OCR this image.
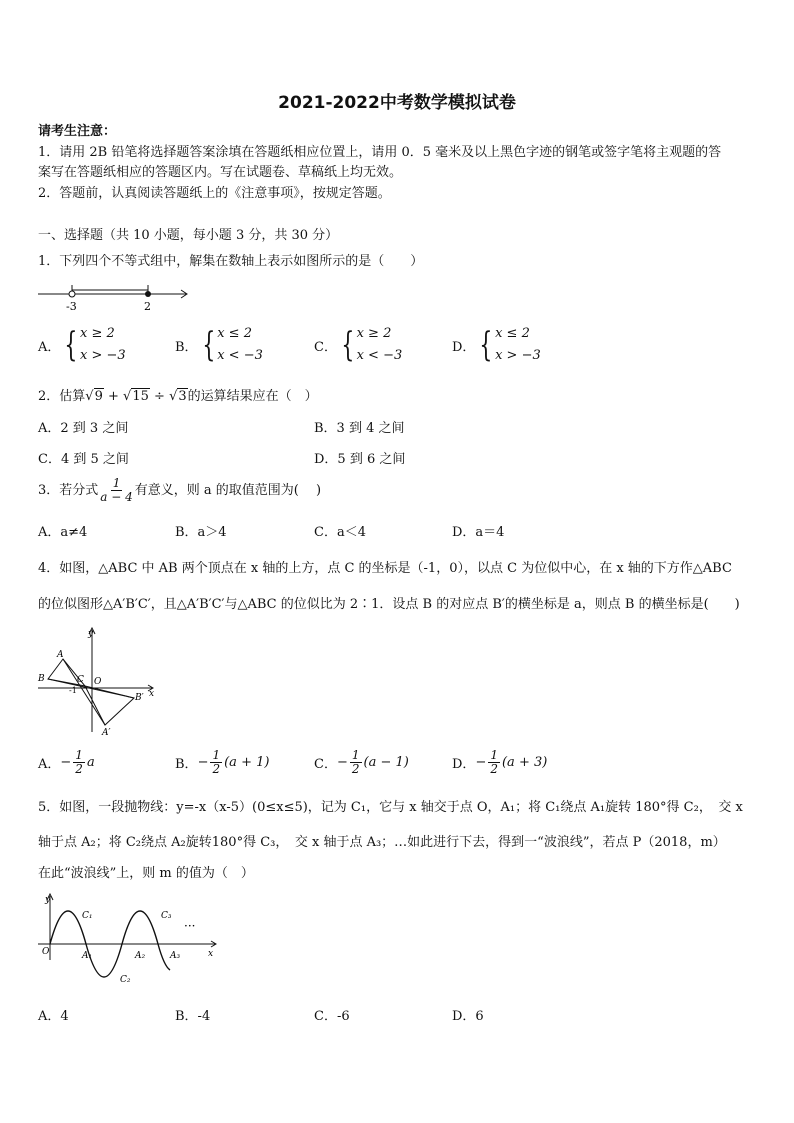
2021-2022中考数学模拟试卷
请考生注意：
1．请用 2B 铅笔将选择题答案涂填在答题纸相应位置上，请用 0．5 毫米及以上黑色字迹的钢笔或签字笔将主观题的答
案写在答题纸相应的答题区内。写在试题卷、草稿纸上均无效。
2．答题前，认真阅读答题纸上的《注意事项》，按规定答题。
一、选择题（共 10 小题，每小题 3 分，共 30 分）
1．下列四个不等式组中，解集在数轴上表示如图所示的是（　　）
-3	2
A． { x ≥ 2
x > −3
B． { x ≤ 2
x < −3
C． { x ≥ 2
x < −3
D． { x ≤ 2
x > −3
2．估算√9 + √15 ÷ √3的运算结果应在（　）
A．2 到 3 之间	B．3 到 4 之间
C．4 到 5 之间	D．5 到 6 之间
3．若分式 $\frac{1}{a - 4}$ 有意义，则 a 的取值范围为(　 )
A．a≠4	B．a＞4	C．a＜4	D．a＝4
4．如图，△ABC 中 AB 两个顶点在 x 轴的上方，点 C 的坐标是（-1，0），以点 C 为位似中心，在 x 轴的下方作△ABC
的位似图形△A′B′C′，且△A′B′C′与△ABC 的位似比为 2∶1．设点 B 的对应点 B′的横坐标是 a，则点 B 的横坐标是(　　)
y
x
A
B	C O
-1
B′
A′
A． − $\frac{1}{2}$ a	B． − $\frac{1}{2} (a + 1)$	C． − $\frac{1}{2} (a - 1)$	D． − $\frac{1}{2} (a + 3)$
5．如图，一段抛物线：y=-x（x-5）(0≤x≤5)，记为 C₁，它与 x 轴交于点 O，A₁；将 C₁绕点 A₁旋转 180°得 C₂，　交 x
轴于点 A₂；将 C₂绕点 A₂旋转180°得 C₃，　交 x 轴于点 A₃；…如此进行下去，得到一“波浪线”，若点 P（2018，m）
在此“波浪线”上，则 m 的值为（　）
y
x
O	A₁	A₂	A₃
C₁
C₂
C₃
···
A．4	B．-4	C．-6	D．6
